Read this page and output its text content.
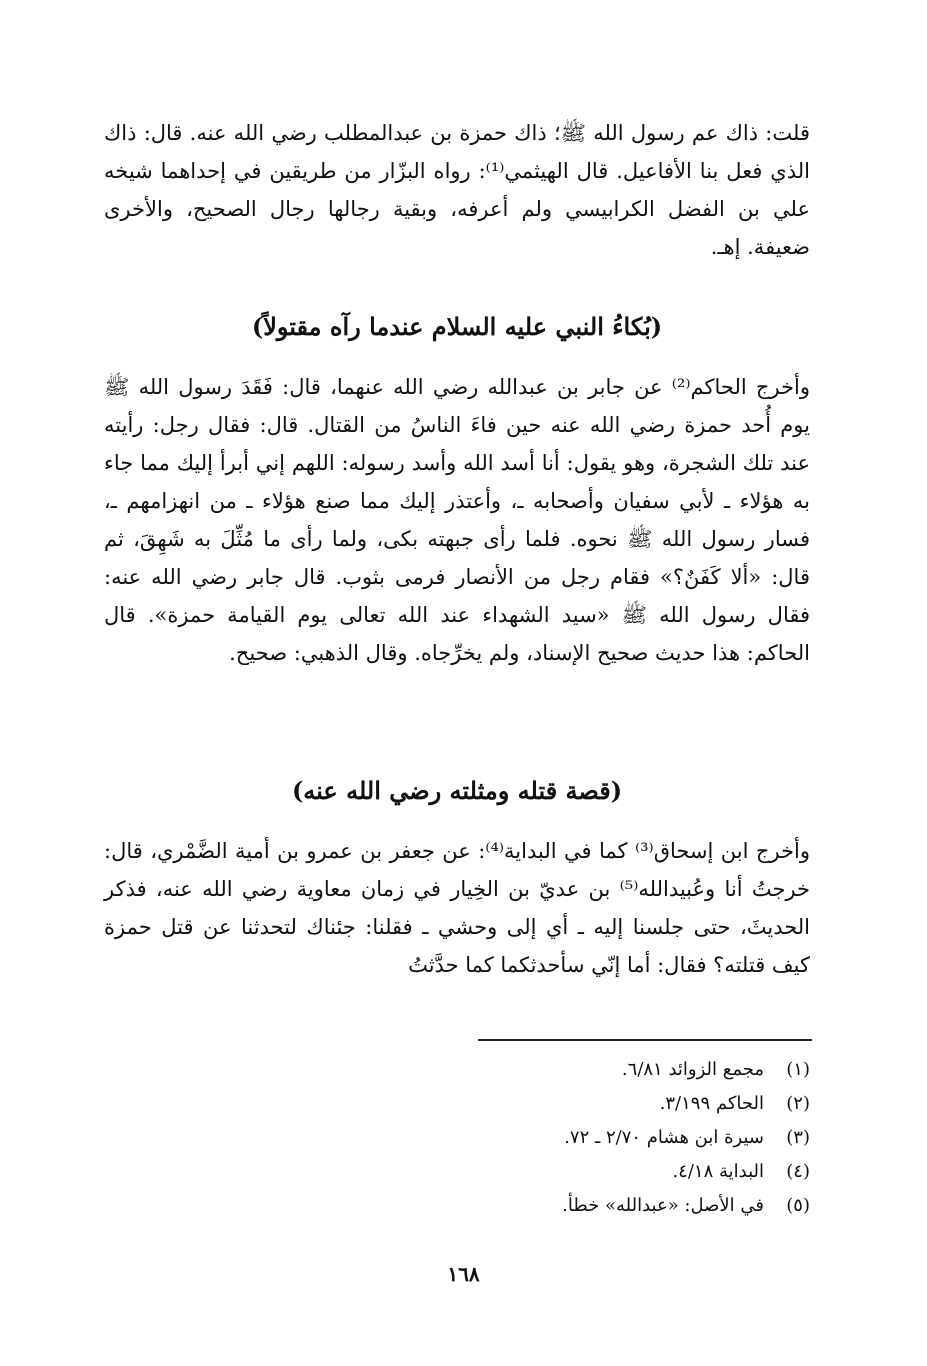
قلت: ذاك عم رسول الله ﷺ؛ ذاك حمزة بن عبدالمطلب رضي الله عنه. قال: ذاك الذي فعل بنا الأفاعيل. قال الهيثمي⁽¹⁾: رواه البزّار من طريقين في إحداهما شيخه علي بن الفضل الكرابيسي ولم أعرفه، وبقية رجالها رجال الصحيح، والأخرى ضعيفة. إهـ.

(بُكاءُ النبي عليه السلام عندما رآه مقتولاً)

وأخرج الحاكم⁽²⁾ عن جابر بن عبدالله رضي الله عنهما، قال: فَقَدَ رسول الله ﷺ يوم أُحد حمزة رضي الله عنه حين فاءَ الناسُ من القتال. قال: فقال رجل: رأيته عند تلك الشجرة، وهو يقول: أنا أسد الله وأسد رسوله: اللهم إني أبرأ إليك مما جاء به هؤلاء ـ لأبي سفيان وأصحابه ـ، وأعتذر إليك مما صنع هؤلاء ـ من انهزامهم ـ، فسار رسول الله ﷺ نحوه. فلما رأى جبهته بكى، ولما رأى ما مُثِّلَ به شَهِقَ، ثم قال: «ألا كَفَنٌ؟» فقام رجل من الأنصار فرمى بثوب. قال جابر رضي الله عنه: فقال رسول الله ﷺ «سيد الشهداء عند الله تعالى يوم القيامة حمزة». قال الحاكم: هذا حديث صحيح الإسناد، ولم يخرِّجاه. وقال الذهبي: صحيح.

(قصة قتله ومثلته رضي الله عنه)

وأخرج ابن إسحاق⁽³⁾ كما في البداية⁽⁴⁾: عن جعفر بن عمرو بن أمية الضَّمْري، قال: خرجتُ أنا وعُبيدالله⁽⁵⁾ بن عديّ بن الخِيار في زمان معاوية رضي الله عنه، فذكر الحديثَ، حتى جلسنا إليه ـ أي إلى وحشي ـ فقلنا: جئناك لتحدثنا عن قتل حمزة كيف قتلته؟ فقال: أما إنّي سأحدثكما كما حدَّثتُ

(١)
مجمع الزوائد ٦/٨١.
(٢)
الحاكم ٣/١٩٩.
(٣)
سيرة ابن هشام ٢/٧٠ ـ ٧٢.
(٤)
البداية ٤/١٨.
(٥)
في الأصل: «عبدالله» خطأ.
١٦٨
